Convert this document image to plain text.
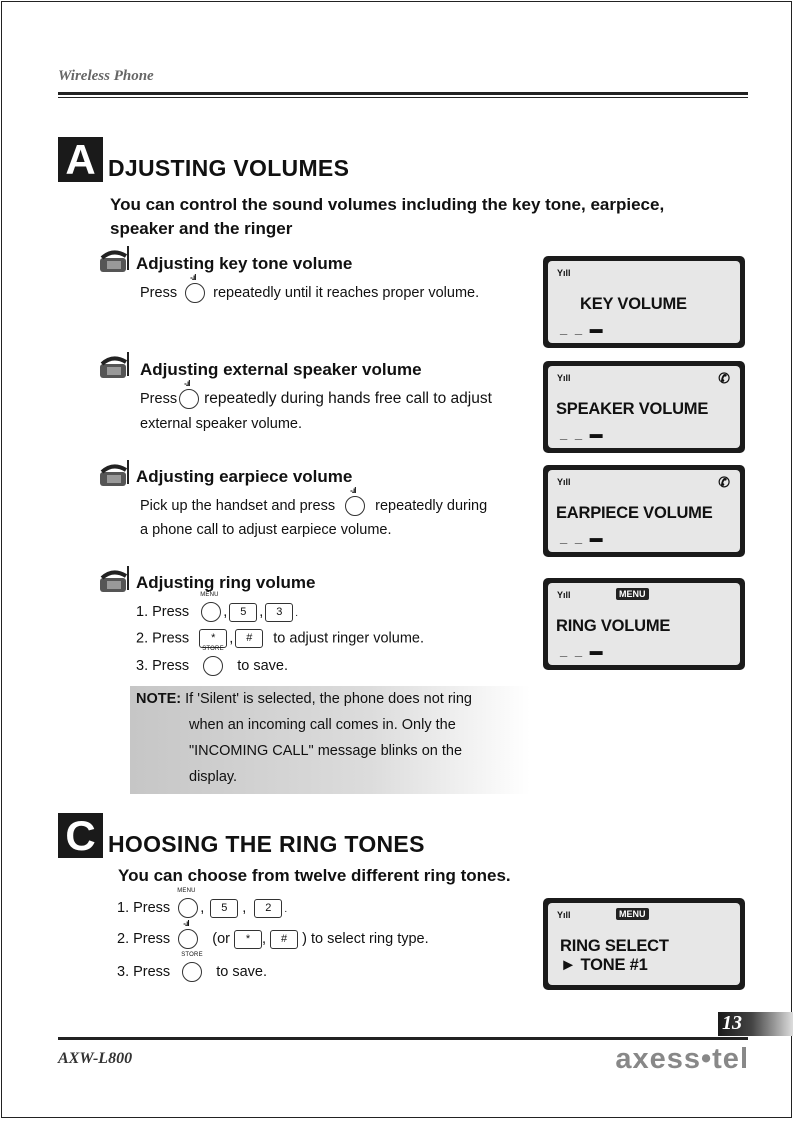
Wireless Phone
A DJUSTING VOLUMES
You can control the sound volumes including the key tone, earpiece,
speaker and the ringer
Adjusting key tone volume
Press
-.ıl
repeatedly until it reaches proper volume.
Yıll
KEY VOLUME
_ _ ▬
Adjusting external speaker volume
Press
-.ıl
repeatedly during hands free call to adjust
external speaker volume.
Yıll	✆
SPEAKER VOLUME
_ _ ▬
Adjusting earpiece volume
Pick up the handset and press
-.ıl
repeatedly during
a phone call to adjust earpiece volume.
Yıll	✆
EARPIECE VOLUME
_ _ ▬
Adjusting ring volume
1. Press
MENU
, 5 , 3 .
2. Press * , # to adjust ringer volume.
3. Press
STORE
to save.
Yıll	MENU
RING VOLUME
_ _ ▬
NOTE: If 'Silent' is selected, the phone does not ring
when an incoming call comes in. Only the
"INCOMING CALL" message blinks on the
display.
C HOOSING THE RING TONES
You can choose from twelve different ring tones.
1. Press
MENU
, 5 , 2 .
2. Press
-.ıl
(or * , # ) to select ring type.
3. Press
STORE
to save.
Yıll	MENU
RING SELECT
► TONE #1
13
AXW-L800	axess•tel
